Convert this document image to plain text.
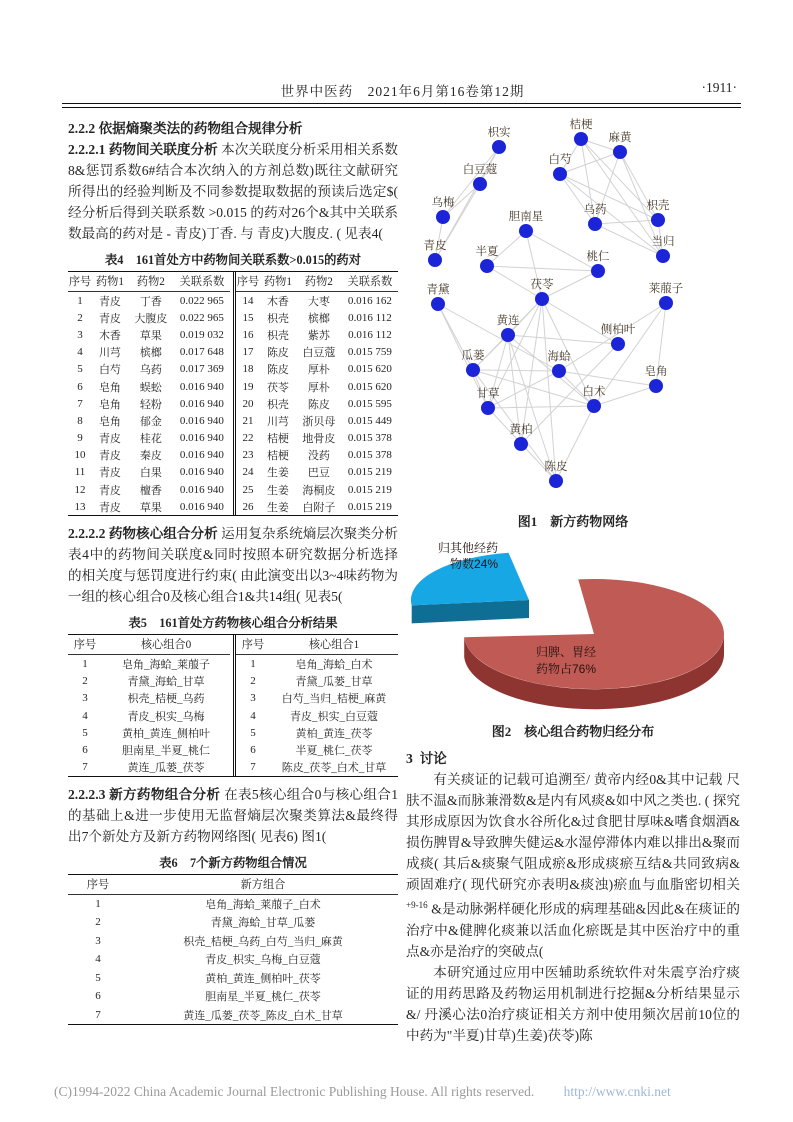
世界中医药　2021年6月第16卷第12期	·1911·
2.2.2 依据熵聚类法的药物组合规律分析
2.2.2.1 药物间关联度分析 本次关联度分析采用相关系数8&惩罚系数6#结合本次纳入的方剂总数)既往文献研究所得出的经验判断及不同参数提取数据的预读后选定$( 经分析后得到关联系数 >0.015 的药对26个&其中关联系数最高的药对是 - 青皮)丁香. 与 青皮)大腹皮. ( 见表4(
表4　161首处方中药物间关联系数>0.015的药对
序号	药物1	药物2	关联系数
1	青皮	丁香	0.022 965
2	青皮	大腹皮	0.022 965
3	木香	草果	0.019 032
4	川芎	槟榔	0.017 648
5	白芍	乌药	0.017 369
6	皂角	蜈蚣	0.016 940
7	皂角	轻粉	0.016 940
8	皂角	郁金	0.016 940
9	青皮	桂花	0.016 940
10	青皮	秦皮	0.016 940
11	青皮	白果	0.016 940
12	青皮	檀香	0.016 940
13	青皮	草果	0.016 940
序号	药物1	药物2	关联系数
14	木香	大枣	0.016 162
15	枳壳	槟榔	0.016 112
16	枳壳	紫苏	0.016 112
17	陈皮	白豆蔻	0.015 759
18	陈皮	厚朴	0.015 620
19	茯苓	厚朴	0.015 620
20	枳壳	陈皮	0.015 595
21	川芎	浙贝母	0.015 449
22	桔梗	地骨皮	0.015 378
23	桔梗	没药	0.015 378
24	生姜	巴豆	0.015 219
25	生姜	海桐皮	0.015 219
26	生姜	白附子	0.015 219
2.2.2.2 药物核心组合分析 运用复杂系统熵层次聚类分析表4中的药物间关联度&同时按照本研究数据分析选择的相关度与惩罚度进行约束( 由此演变出以3~4味药物为一组的核心组合0及核心组合1&共14组( 见表5(
表5　161首处方药物核心组合分析结果
序号	核心组合0
1	皂角_海蛤_莱菔子
2	青黛_海蛤_甘草
3	枳壳_桔梗_乌药
4	青皮_枳实_乌梅
5	黄柏_黄连_侧柏叶
6	胆南星_半夏_桃仁
7	黄连_瓜蒌_茯苓
序号	核心组合1
1	皂角_海蛤_白术
2	青黛_瓜蒌_甘草
3	白芍_当归_桔梗_麻黄
4	青皮_枳实_白豆蔻
5	黄柏_黄连_茯苓
6	半夏_桃仁_茯苓
7	陈皮_茯苓_白术_甘草
2.2.2.3 新方药物组合分析 在表5核心组合0与核心组合1的基础上&进一步使用无监督熵层次聚类算法&最终得出7个新处方及新方药物网络图( 见表6) 图1(
表6　7个新方药物组合情况
序号	新方组合
1	皂角_海蛤_莱菔子_白术
2	青黛_海蛤_甘草_瓜蒌
3	枳壳_桔梗_乌药_白芍_当归_麻黄
4	青皮_枳实_乌梅_白豆蔻
5	黄柏_黄连_侧柏叶_茯苓
6	胆南星_半夏_桃仁_茯苓
7	黄连_瓜蒌_茯苓_陈皮_白术_甘草
枳实
桔梗
麻黄
白芍
白豆蔻
乌梅
乌药	枳壳
青皮
胆南星
半夏	桃仁
当归
青黛	茯苓	莱菔子
黄连
侧柏叶
瓜蒌	海蛤
皂角
甘草	白术
黄柏
陈皮
图1　新方药物网络
归其他经药
物数24%
归脾、胃经
药物占76%
图2　核心组合药物归经分布
3 讨论
有关痰证的记载可追溯至/ 黄帝内经0&其中记载 尺肤不温&而脉兼滑数&是内有风痰&如中风之类也. ( 探究其形成原因为饮食水谷所化&过食肥甘厚味&嗜食烟酒&损伤脾胃&导致脾失健运&水湿停滞体内难以排出&聚而成痰( 其后&痰聚气阻成瘀&形成痰瘀互结&共同致病&顽固难疗( 现代研究亦表明&痰浊)瘀血与血脂密切相关$^{+9-16}$ &是动脉粥样硬化形成的病理基础&因此&在痰证的治疗中&健脾化痰兼以活血化瘀既是其中医治疗中的重点&亦是治疗的突破点(
本研究通过应用中医辅助系统软件对朱震亨治疗痰证的用药思路及药物运用机制进行挖掘&分析结果显示&/ 丹溪心法0治疗痰证相关方剂中使用频次居前10位的中药为"半夏)甘草)生姜)茯苓)陈
(C)1994-2022 China Academic Journal Electronic Publishing House. All rights reserved. http://www.cnki.net
